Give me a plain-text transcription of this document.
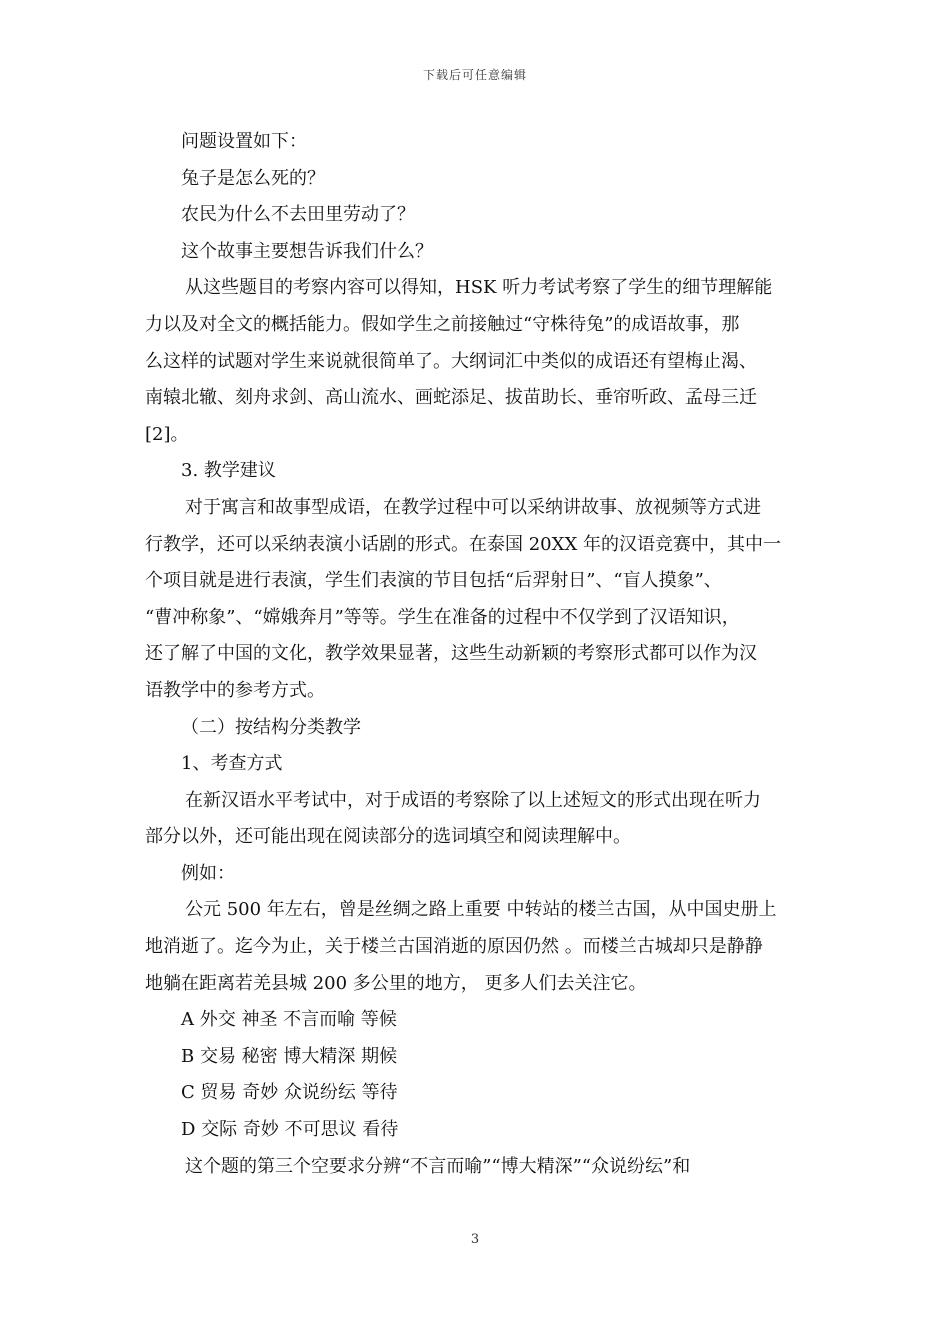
下载后可任意编辑
问题设置如下：
兔子是怎么死的？
农民为什么不去田里劳动了？
这个故事主要想告诉我们什么？
从这些题目的考察内容可以得知，HSK 听力考试考察了学生的细节理解能
力以及对全文的概括能力。假如学生之前接触过“守株待兔”的成语故事，那
么这样的试题对学生来说就很简单了。大纲词汇中类似的成语还有望梅止渴、
南辕北辙、刻舟求剑、高山流水、画蛇添足、拔苗助长、垂帘听政、孟母三迁
[2]。
3. 教学建议
对于寓言和故事型成语，在教学过程中可以采纳讲故事、放视频等方式进
行教学，还可以采纳表演小话剧的形式。在泰国 20XX 年的汉语竞赛中，其中一
个项目就是进行表演，学生们表演的节目包括“后羿射日”、“盲人摸象”、
“曹冲称象”、“嫦娥奔月”等等。学生在准备的过程中不仅学到了汉语知识，
还了解了中国的文化，教学效果显著，这些生动新颖的考察形式都可以作为汉
语教学中的参考方式。
（二）按结构分类教学
1、考查方式
在新汉语水平考试中，对于成语的考察除了以上述短文的形式出现在听力
部分以外，还可能出现在阅读部分的选词填空和阅读理解中。
例如：
公元 500 年左右，曾是丝绸之路上重要 中转站的楼兰古国，从中国史册上
地消逝了。迄今为止，关于楼兰古国消逝的原因仍然 。而楼兰古城却只是静静
地躺在距离若羌县城 200 多公里的地方， 更多人们去关注它。
A 外交 神圣 不言而喻 等候
B 交易 秘密 博大精深 期候
C 贸易 奇妙 众说纷纭 等待
D 交际 奇妙 不可思议 看待
这个题的第三个空要求分辨“不言而喻”“博大精深”“众说纷纭”和
3
